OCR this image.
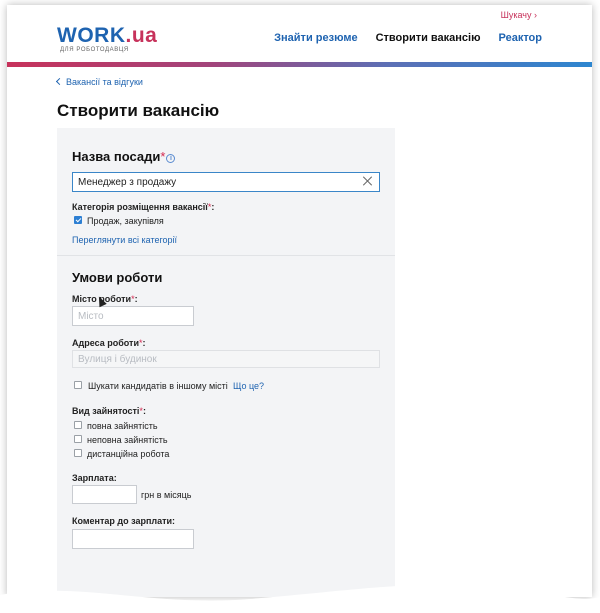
Шукачу ›
WORK.ua
ДЛЯ РОБОТОДАВЦЯ
Знайти резюме Створити вакансію Реактор
Вакансії та відгуки
Створити вакансію
Назва посади* i
Менеджер з продажу
Категорія розміщення вакансії*:
Продаж, закупівля
Переглянути всі категорії
Умови роботи
Місто роботи*:
Місто
Адреса роботи*:
Вулиця і будинок
Шукати кандидатів в іншому місті Що це?
Вид зайнятості*:
повна зайнятість
неповна зайнятість
дистанційна робота
Зарплата:
грн в місяць
Коментар до зарплати:
